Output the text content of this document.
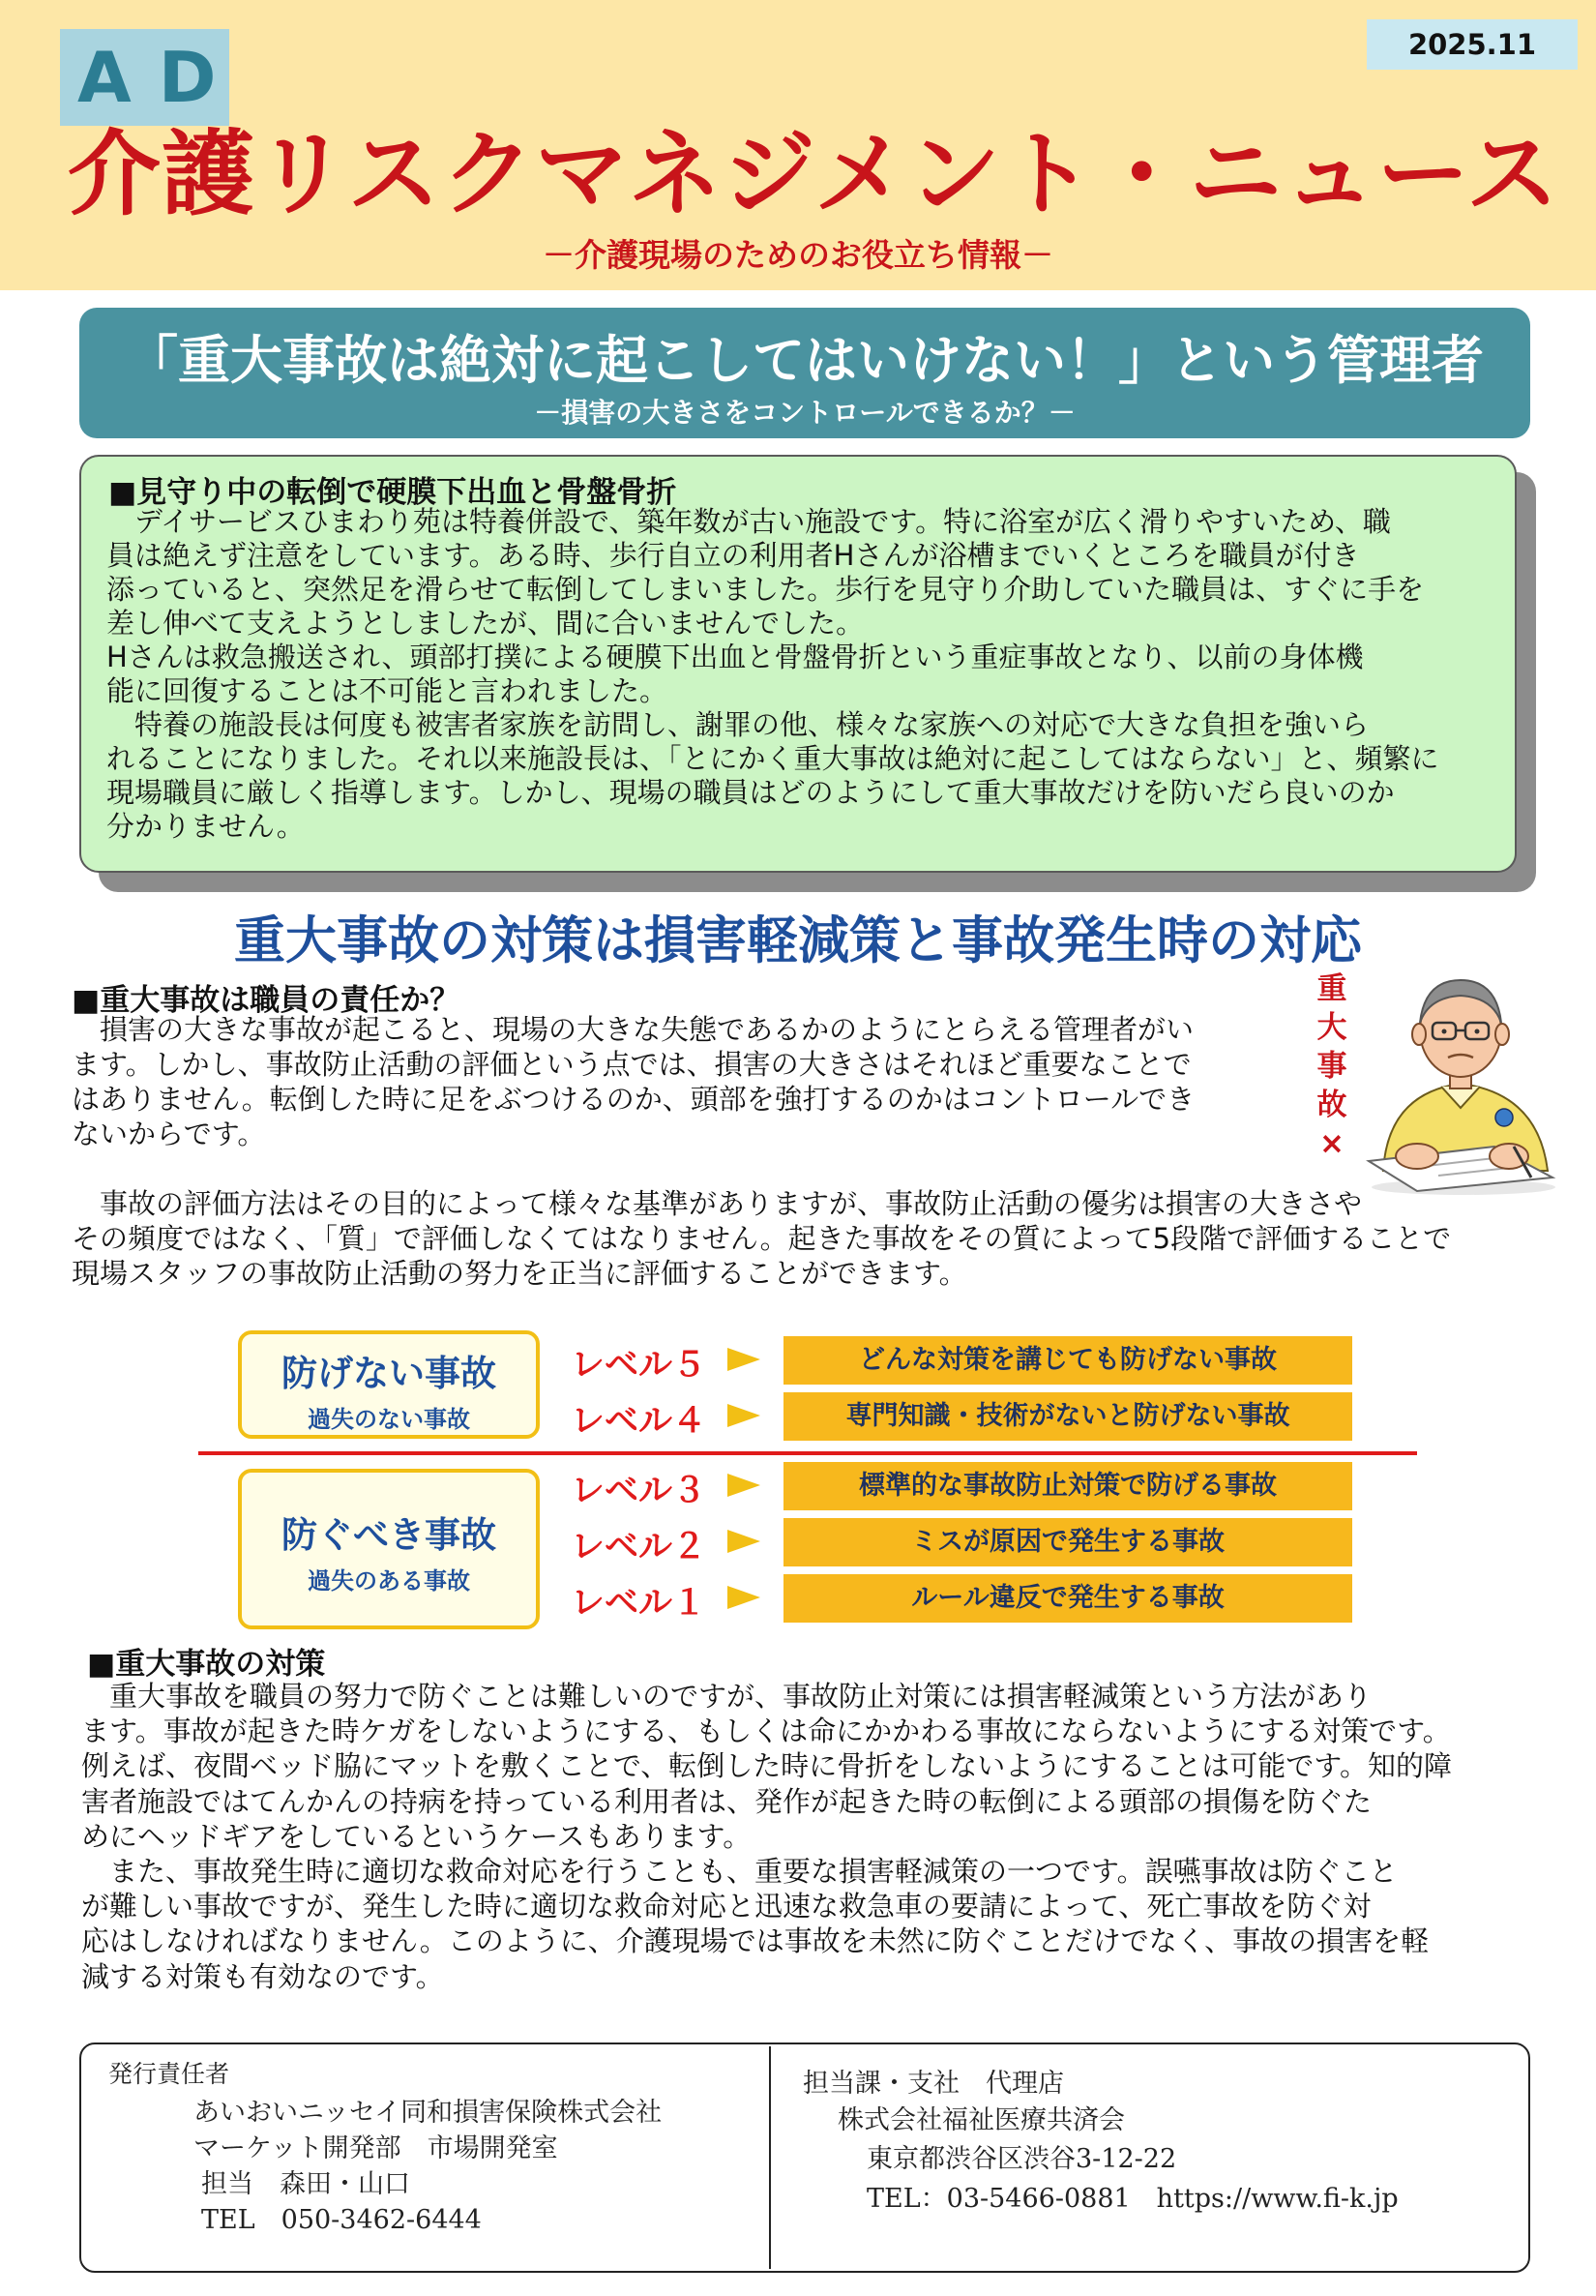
2025.11
AD
介護リスクマネジメント・ニュース
－介護現場のためのお役立ち情報－
「重大事故は絶対に起こしてはいけない！」という管理者
－損害の大きさをコントロールできるか？－
■見守り中の転倒で硬膜下出血と骨盤骨折

　デイサービスひまわり苑は特養併設で、築年数が古い施設です。特に浴室が広く滑りやすいため、職

員は絶えず注意をしています。ある時、歩行自立の利用者Hさんが浴槽までいくところを職員が付き

添っていると、突然足を滑らせて転倒してしまいました。歩行を見守り介助していた職員は、すぐに手を

差し伸べて支えようとしましたが、間に合いませんでした。

Hさんは救急搬送され、頭部打撲による硬膜下出血と骨盤骨折という重症事故となり、以前の身体機

能に回復することは不可能と言われました。

　特養の施設長は何度も被害者家族を訪問し、謝罪の他、様々な家族への対応で大きな負担を強いら

れることになりました。それ以来施設長は、「とにかく重大事故は絶対に起こしてはならない」と、頻繁に

現場職員に厳しく指導します。しかし、現場の職員はどのようにして重大事故だけを防いだら良いのか

分かりません。

重大事故の対策は損害軽減策と事故発生時の対応
■重大事故は職員の責任か？

　損害の大きな事故が起こると、現場の大きな失態であるかのようにとらえる管理者がい

ます。しかし、事故防止活動の評価という点では、損害の大きさはそれほど重要なことで

はありません。転倒した時に足をぶつけるのか、頭部を強打するのかはコントロールでき

ないからです。

重
大
事
故
×

　事故の評価方法はその目的によって様々な基準がありますが、事故防止活動の優劣は損害の大きさや

その頻度ではなく、「質」で評価しなくてはなりません。起きた事故をその質によって5段階で評価することで

現場スタッフの事故防止活動の努力を正当に評価することができます。

防げない事故
過失のない事故
防ぐべき事故
過失のある事故
レベル５	どんな対策を講じても防げない事故
レベル４	専門知識・技術がないと防げない事故
レベル３	標準的な事故防止対策で防げる事故
レベル２	ミスが原因で発生する事故
レベル１	ルール違反で発生する事故
■重大事故の対策

　重大事故を職員の努力で防ぐことは難しいのですが、事故防止対策には損害軽減策という方法があり

ます。事故が起きた時ケガをしないようにする、もしくは命にかかわる事故にならないようにする対策です。

例えば、夜間ベッド脇にマットを敷くことで、転倒した時に骨折をしないようにすることは可能です。知的障

害者施設ではてんかんの持病を持っている利用者は、発作が起きた時の転倒による頭部の損傷を防ぐた

めにヘッドギアをしているというケースもあります。

　また、事故発生時に適切な救命対応を行うことも、重要な損害軽減策の一つです。誤嚥事故は防ぐこと

が難しい事故ですが、発生した時に適切な救命対応と迅速な救急車の要請によって、死亡事故を防ぐ対

応はしなければなりません。このように、介護現場では事故を未然に防ぐことだけでなく、事故の損害を軽

減する対策も有効なのです。

発行責任者
あいおいニッセイ同和損害保険株式会社
マーケット開発部　市場開発室
担当　森田・山口
TEL　050-3462-6444
担当課・支社　代理店
株式会社福祉医療共済会
東京都渋谷区渋谷3-12-22
TEL：03-5466-0881　https://www.fi-k.jp
